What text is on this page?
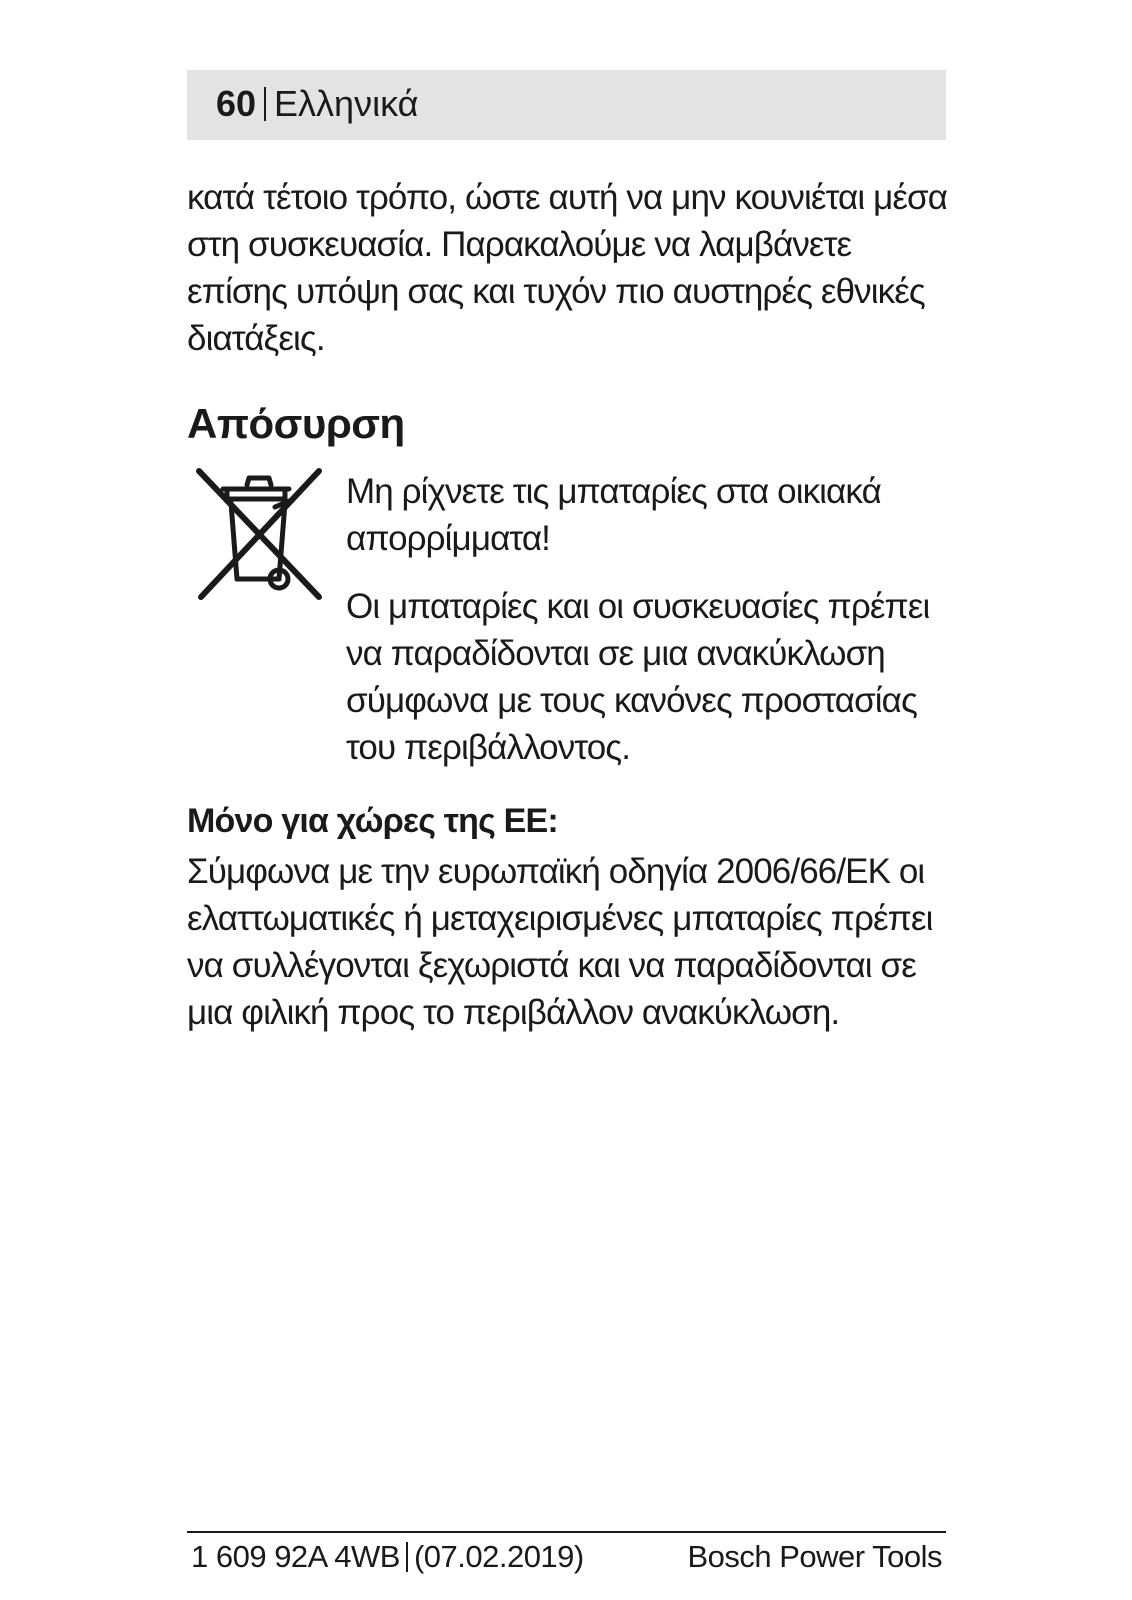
60 Ελληνικά

κατά τέτοιο τρόπο, ώστε αυτή να μην κουνιέται μέσα
στη συσκευασία. Παρακαλούμε να λαμβάνετε
επίσης υπόψη σας και τυχόν πιο αυστηρές εθνικές
διατάξεις.

Απόσυρση

Μη ρίχνετε τις μπαταρίες στα οικιακά
απορρίμματα!

Οι μπαταρίες και οι συσκευασίες πρέπει
να παραδίδονται σε μια ανακύκλωση
σύμφωνα με τους κανόνες προστασίας
του περιβάλλοντος.

Μόνο για χώρες της ΕΕ:

Σύμφωνα με την ευρωπαϊκή οδηγία 2006/66/ΕΚ οι
ελαττωματικές ή μεταχειρισμένες μπαταρίες πρέπει
να συλλέγονται ξεχωριστά και να παραδίδονται σε
μια φιλική προς το περιβάλλον ανακύκλωση.

1 609 92A 4WB (07.02.2019)	Bosch Power Tools
